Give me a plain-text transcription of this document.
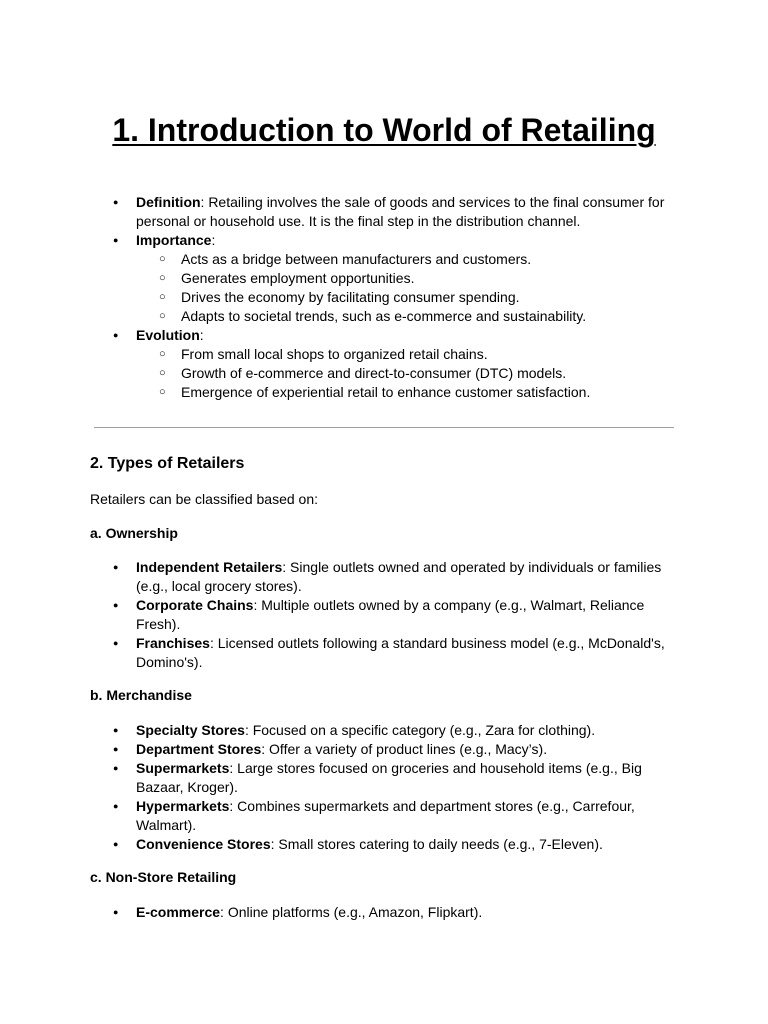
1. Introduction to World of Retailing
● Definition: Retailing involves the sale of goods and services to the final consumer for personal or household use. It is the final step in the distribution channel.
● Importance:
○ Acts as a bridge between manufacturers and customers.
○ Generates employment opportunities.
○ Drives the economy by facilitating consumer spending.
○ Adapts to societal trends, such as e-commerce and sustainability.
● Evolution:
○ From small local shops to organized retail chains.
○ Growth of e-commerce and direct-to-consumer (DTC) models.
○ Emergence of experiential retail to enhance customer satisfaction.
2. Types of Retailers

Retailers can be classified based on:

a. Ownership
● Independent Retailers: Single outlets owned and operated by individuals or families (e.g., local grocery stores).
● Corporate Chains: Multiple outlets owned by a company (e.g., Walmart, Reliance Fresh).
● Franchises: Licensed outlets following a standard business model (e.g., McDonald's, Domino's).
b. Merchandise
● Specialty Stores: Focused on a specific category (e.g., Zara for clothing).
● Department Stores: Offer a variety of product lines (e.g., Macy’s).
● Supermarkets: Large stores focused on groceries and household items (e.g., Big Bazaar, Kroger).
● Hypermarkets: Combines supermarkets and department stores (e.g., Carrefour, Walmart).
● Convenience Stores: Small stores catering to daily needs (e.g., 7-Eleven).
c. Non-Store Retailing
● E-commerce: Online platforms (e.g., Amazon, Flipkart).
